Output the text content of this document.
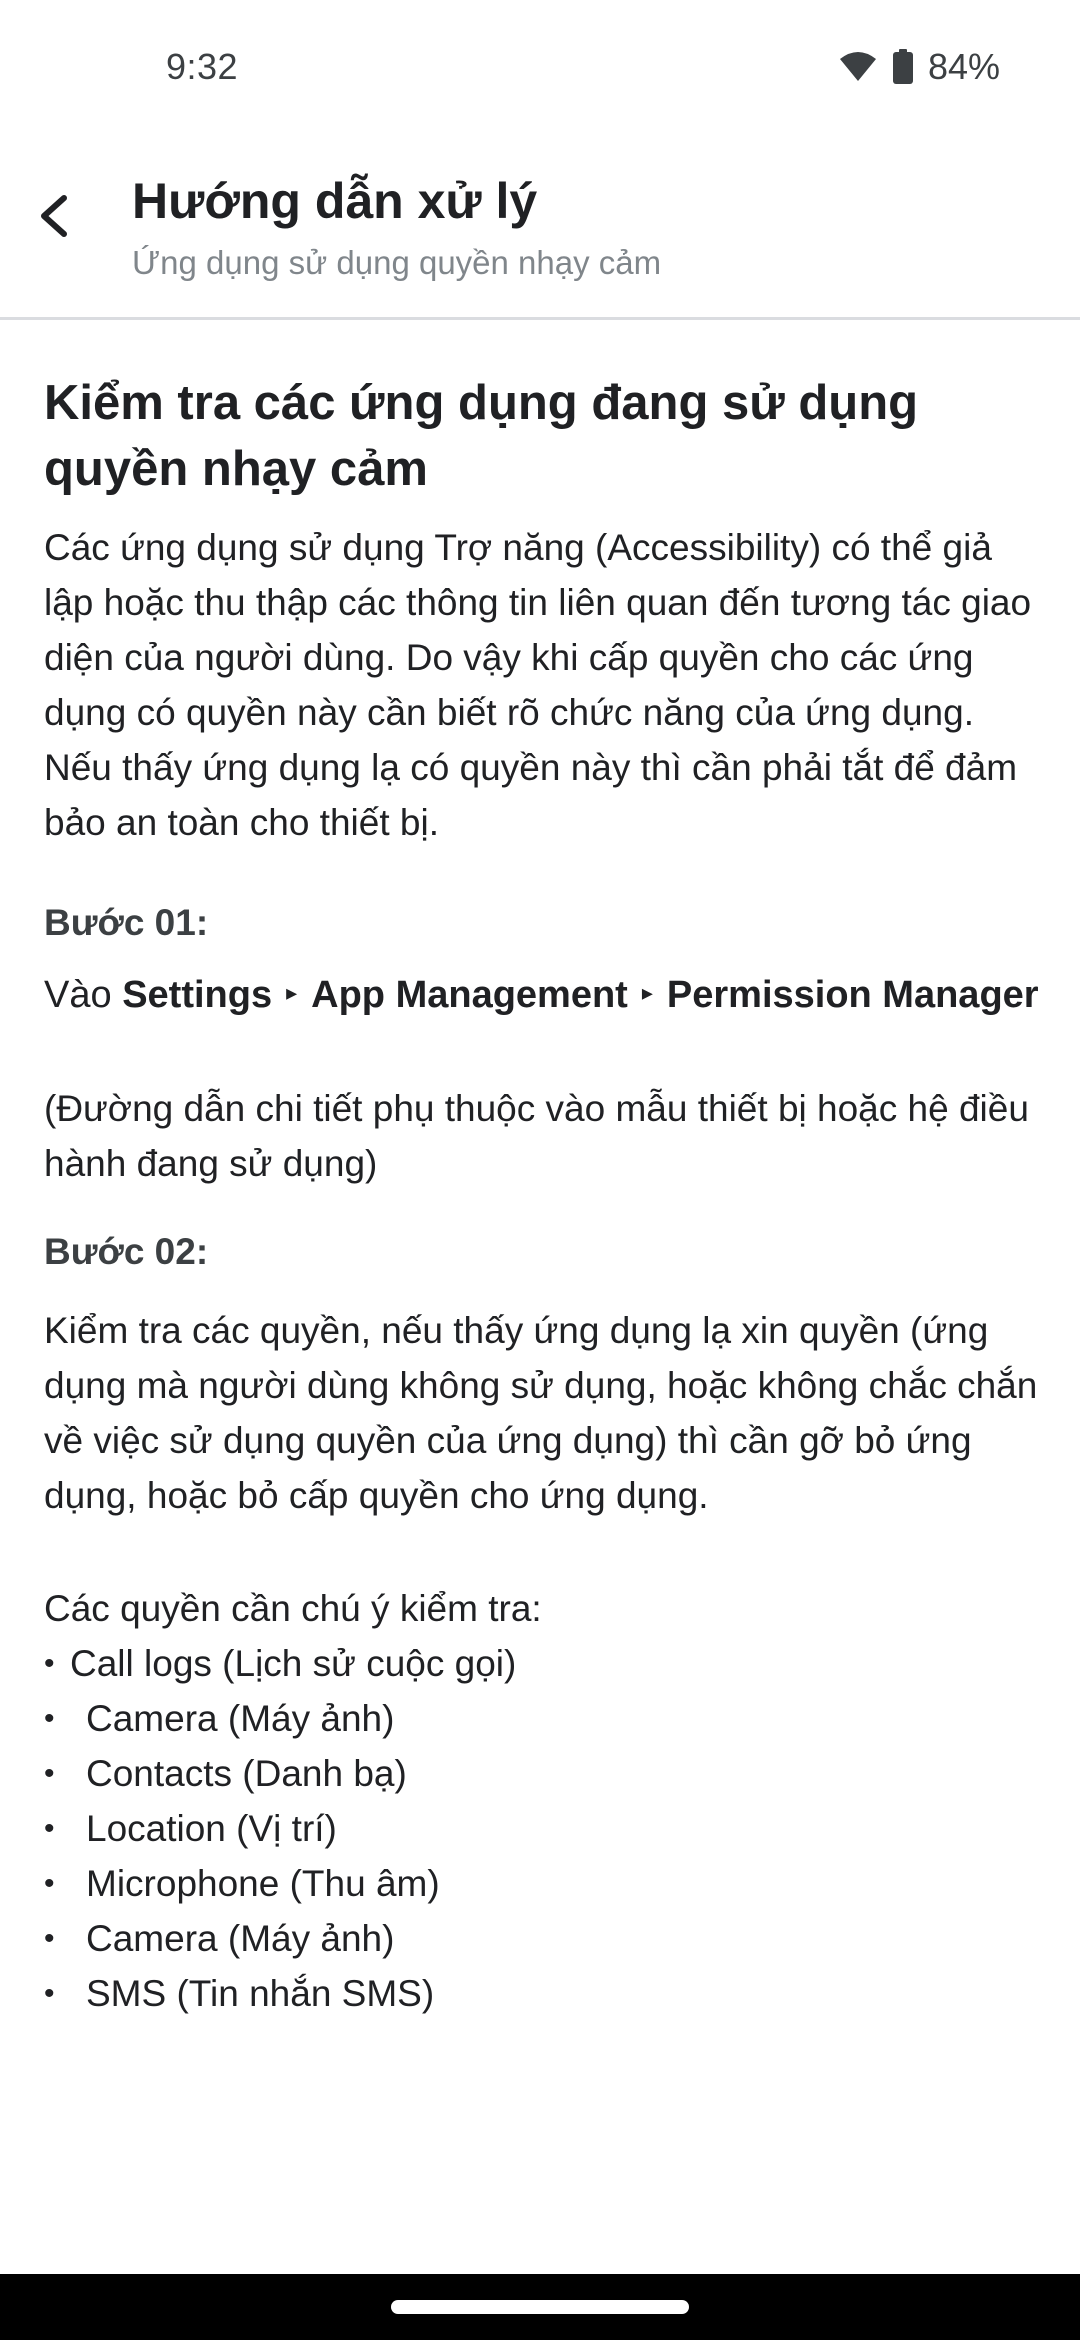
9:32	84%
Hướng dẫn xử lý
Ứng dụng sử dụng quyền nhạy cảm
Kiểm tra các ứng dụng đang sử dụng
quyền nhạy cảm

Các ứng dụng sử dụng Trợ năng (Accessibility) có thể giả lập hoặc thu thập các thông tin liên quan đến tương tác giao diện của người dùng. Do vậy khi cấp quyền cho các ứng dụng có quyền này cần biết rõ chức năng của ứng dụng. Nếu thấy ứng dụng lạ có quyền này thì cần phải tắt để đảm bảo an toàn cho thiết bị.

Bước 01:
Vào Settings ▸ App Management ▸ Permission Manager

(Đường dẫn chi tiết phụ thuộc vào mẫu thiết bị hoặc hệ điều hành đang sử dụng)

Bước 02:

Kiểm tra các quyền, nếu thấy ứng dụng lạ xin quyền (ứng dụng mà người dùng không sử dụng, hoặc không chắc chắn về việc sử dụng quyền của ứng dụng) thì cần gỡ bỏ ứng dụng, hoặc bỏ cấp quyền cho ứng dụng.

Các quyền cần chú ý kiểm tra:
• Call logs (Lịch sử cuộc gọi)
• Camera (Máy ảnh)
• Contacts (Danh bạ)
• Location (Vị trí)
• Microphone (Thu âm)
• Camera (Máy ảnh)
• SMS (Tin nhắn SMS)
